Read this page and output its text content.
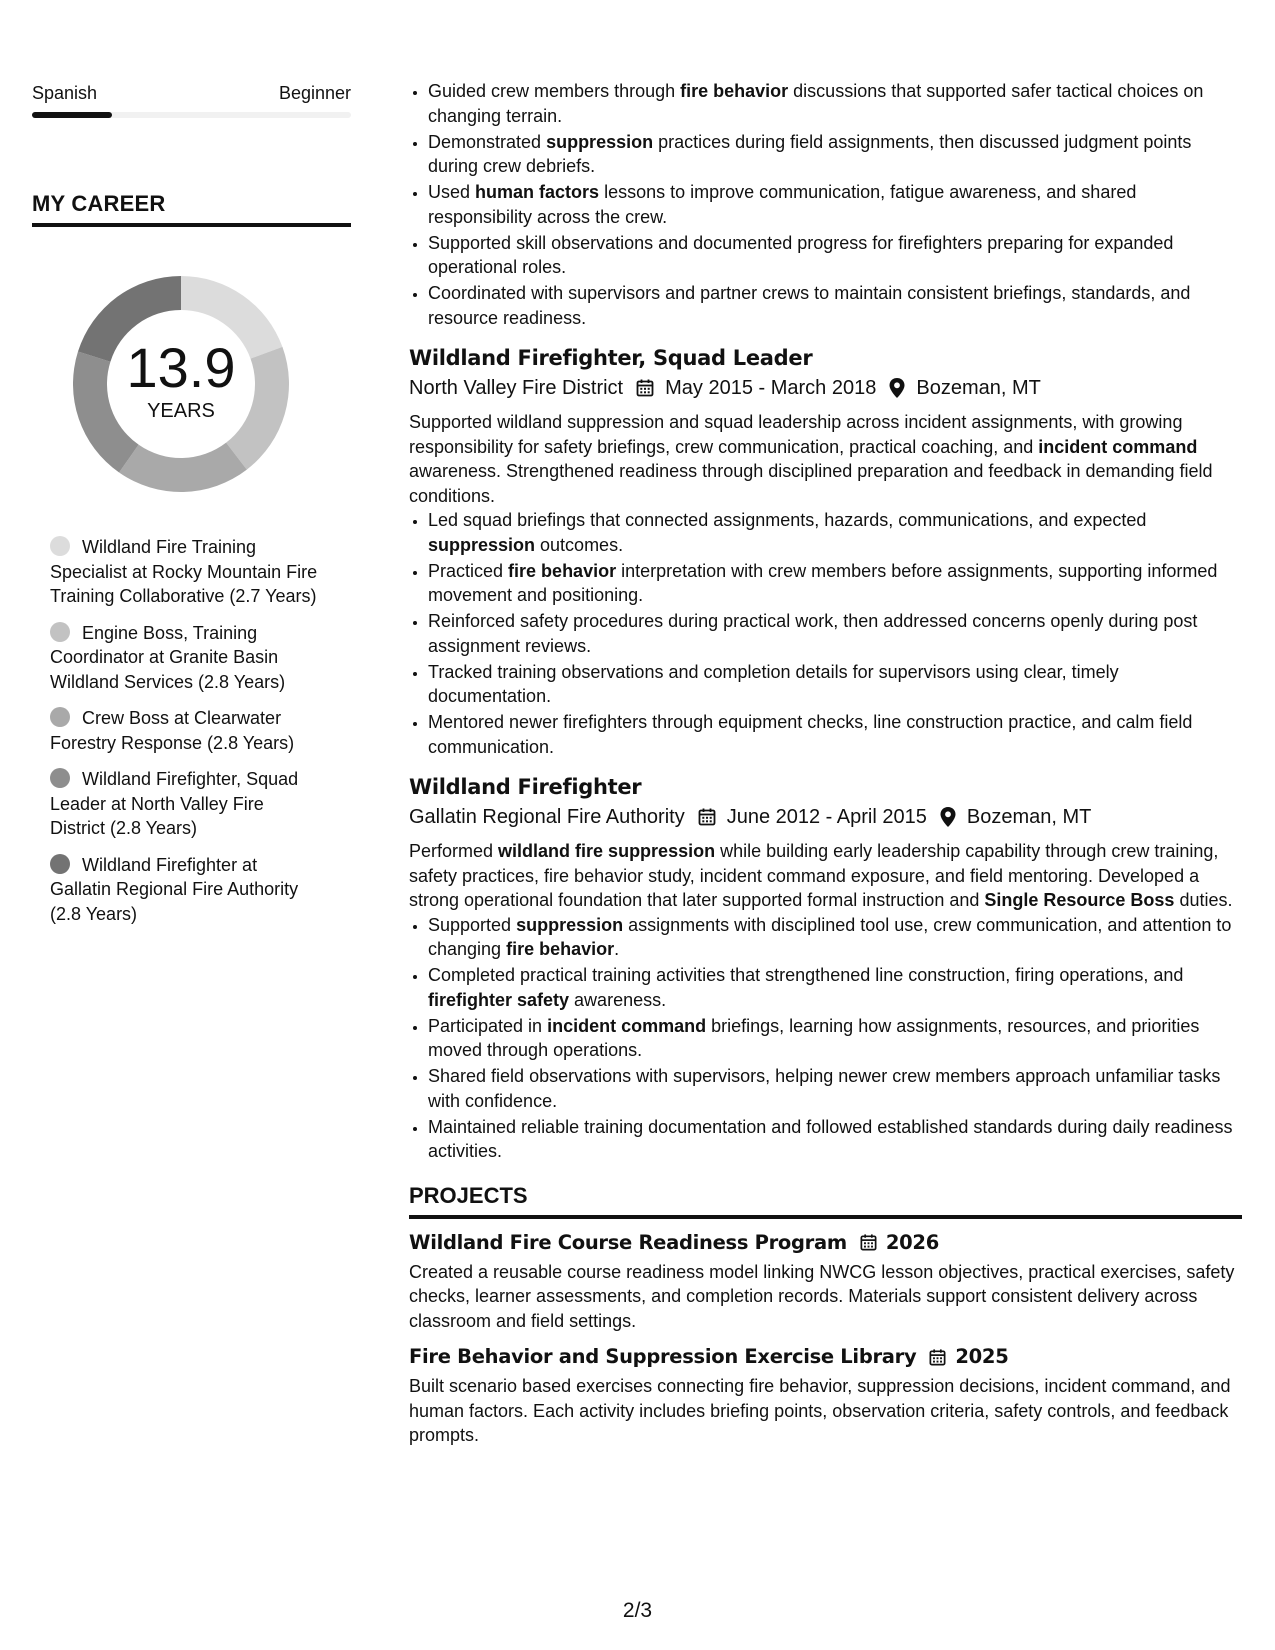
Spanish	Beginner
MY CAREER
13.9
YEARS
Wildland Fire Training Specialist at Rocky Mountain Fire Training Collaborative (2.7 Years)
Engine Boss, Training Coordinator at Granite Basin Wildland Services (2.8 Years)
Crew Boss at Clearwater Forestry Response (2.8 Years)
Wildland Firefighter, Squad Leader at North Valley Fire District (2.8 Years)
Wildland Firefighter at Gallatin Regional Fire Authority (2.8 Years)
• Guided crew members through fire behavior discussions that supported safer tactical choices on changing terrain.
• Demonstrated suppression practices during field assignments, then discussed judgment points during crew debriefs.
• Used human factors lessons to improve communication, fatigue awareness, and shared responsibility across the crew.
• Supported skill observations and documented progress for firefighters preparing for expanded operational roles.
• Coordinated with supervisors and partner crews to maintain consistent briefings, standards, and resource readiness.
Wildland Firefighter, Squad Leader
North Valley Fire District May 2015 - March 2018 Bozeman, MT
Supported wildland suppression and squad leadership across incident assignments, with growing responsibility for safety briefings, crew communication, practical coaching, and incident command awareness. Strengthened readiness through disciplined preparation and feedback in demanding field conditions.
• Led squad briefings that connected assignments, hazards, communications, and expected suppression outcomes.
• Practiced fire behavior interpretation with crew members before assignments, supporting informed movement and positioning.
• Reinforced safety procedures during practical work, then addressed concerns openly during post assignment reviews.
• Tracked training observations and completion details for supervisors using clear, timely documentation.
• Mentored newer firefighters through equipment checks, line construction practice, and calm field communication.
Wildland Firefighter
Gallatin Regional Fire Authority June 2012 - April 2015 Bozeman, MT
Performed wildland fire suppression while building early leadership capability through crew training, safety practices, fire behavior study, incident command exposure, and field mentoring. Developed a strong operational foundation that later supported formal instruction and Single Resource Boss duties.
• Supported suppression assignments with disciplined tool use, crew communication, and attention to changing fire behavior.
• Completed practical training activities that strengthened line construction, firing operations, and firefighter safety awareness.
• Participated in incident command briefings, learning how assignments, resources, and priorities moved through operations.
• Shared field observations with supervisors, helping newer crew members approach unfamiliar tasks with confidence.
• Maintained reliable training documentation and followed established standards during daily readiness activities.
PROJECTS
Wildland Fire Course Readiness Program 2026
Created a reusable course readiness model linking NWCG lesson objectives, practical exercises, safety checks, learner assessments, and completion records. Materials support consistent delivery across classroom and field settings.
Fire Behavior and Suppression Exercise Library 2025
Built scenario based exercises connecting fire behavior, suppression decisions, incident command, and human factors. Each activity includes briefing points, observation criteria, safety controls, and feedback prompts.
2/3
